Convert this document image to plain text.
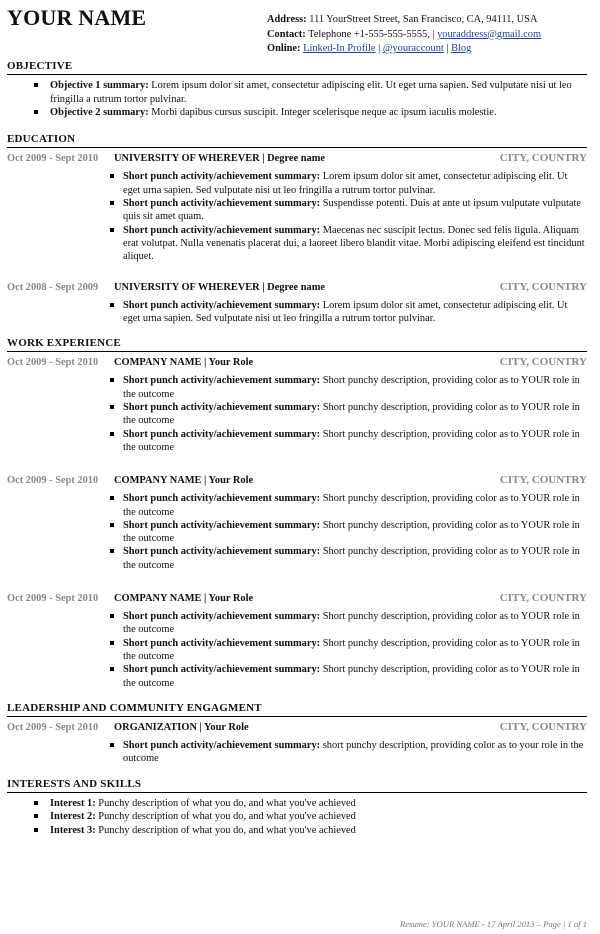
YOUR NAME	Address: 111 YourStreet Street, San Francisco, CA, 94111, USA
Contact: Telephone +1-555-555-5555, | youraddress@gmail.com
Online: Linked-In Profile | @youraccount | Blog
OBJECTIVE
Objective 1 summary: Lorem ipsum dolor sit amet, consectetur adipiscing elit. Ut eget urna sapien. Sed vulputate nisi ut leo fringilla a rutrum tortor pulvinar.
Objective 2 summary: Morbi dapibus cursus suscipit. Integer scelerisque neque ac ipsum iaculis molestie.
EDUCATION
Oct 2009 - Sept 2010 UNIVERSITY OF WHEREVER | Degree name	CITY, COUNTRY
Short punch activity/achievement summary: Lorem ipsum dolor sit amet, consectetur adipiscing elit. Ut eget urna sapien. Sed vulputate nisi ut leo fringilla a rutrum tortor pulvinar.
Short punch activity/achievement summary: Suspendisse potenti. Duis at ante ut ipsum vulputate vulputate quis sit amet quam.
Short punch activity/achievement summary: Maecenas nec suscipit lectus. Donec sed felis ligula. Aliquam erat volutpat. Nulla venenatis placerat dui, a laoreet libero blandit vitae. Morbi adipiscing eleifend est tincidunt aliquet.
Oct 2008 - Sept 2009 UNIVERSITY OF WHEREVER | Degree name	CITY, COUNTRY
Short punch activity/achievement summary: Lorem ipsum dolor sit amet, consectetur adipiscing elit. Ut eget urna sapien. Sed vulputate nisi ut leo fringilla a rutrum tortor pulvinar.
WORK EXPERIENCE
Oct 2009 - Sept 2010 COMPANY NAME | Your Role	CITY, COUNTRY
Short punch activity/achievement summary: Short punchy description, providing color as to YOUR role in the outcome
Short punch activity/achievement summary: Short punchy description, providing color as to YOUR role in the outcome
Short punch activity/achievement summary: Short punchy description, providing color as to YOUR role in the outcome
Oct 2009 - Sept 2010 COMPANY NAME | Your Role	CITY, COUNTRY
Short punch activity/achievement summary: Short punchy description, providing color as to YOUR role in the outcome
Short punch activity/achievement summary: Short punchy description, providing color as to YOUR role in the outcome
Short punch activity/achievement summary: Short punchy description, providing color as to YOUR role in the outcome
Oct 2009 - Sept 2010 COMPANY NAME | Your Role	CITY, COUNTRY
Short punch activity/achievement summary: Short punchy description, providing color as to YOUR role in the outcome
Short punch activity/achievement summary: Short punchy description, providing color as to YOUR role in the outcome
Short punch activity/achievement summary: Short punchy description, providing color as to YOUR role in the outcome
LEADERSHIP AND COMMUNITY ENGAGMENT
Oct 2009 - Sept 2010 ORGANIZATION | Your Role	CITY, COUNTRY
Short punch activity/achievement summary: short punchy description, providing color as to your role in the outcome
INTERESTS AND SKILLS
Interest 1: Punchy description of what you do, and what you've achieved
Interest 2: Punchy description of what you do, and what you've achieved
Interest 3: Punchy description of what you do, and what you've achieved
Resume: YOUR NAME - 17 April 2013 – Page | 1 of 1
